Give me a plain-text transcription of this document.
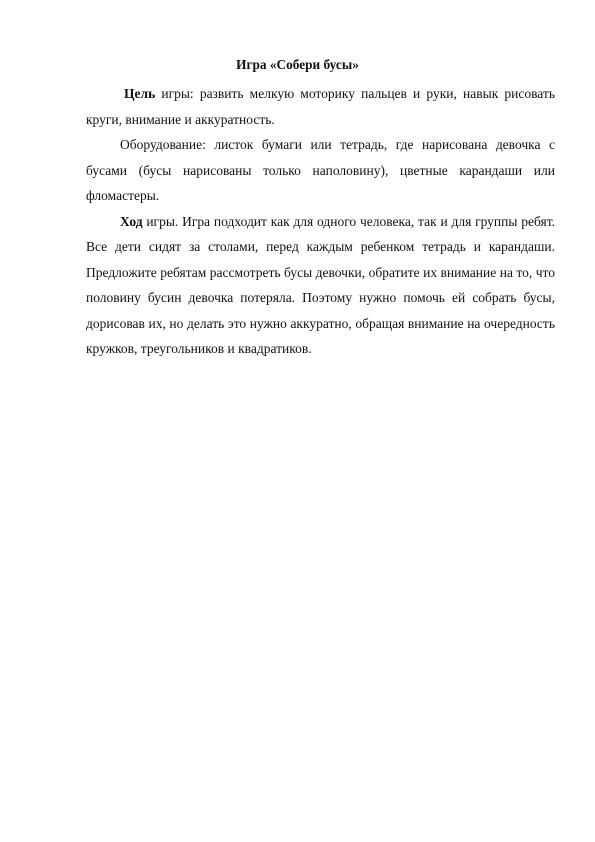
Игра «Собери бусы»

Цель игры: развить мелкую моторику пальцев и руки, навык рисовать круги, внимание и аккуратность.

Оборудование: листок бумаги или тетрадь, где нарисована девочка с бусами (бусы нарисованы только наполовину), цветные карандаши или фломастеры.

Ход игры. Игра подходит как для одного человека, так и для группы ребят. Все дети сидят за столами, перед каждым ребенком тетрадь и карандаши. Предложите ребятам рассмотреть бусы девочки, обратите их внимание на то, что половину бусин девочка потеряла. Поэтому нужно помочь ей собрать бусы, дорисовав их, но делать это нужно аккуратно, обращая внимание на очередность кружков, треугольников и квадратиков.
